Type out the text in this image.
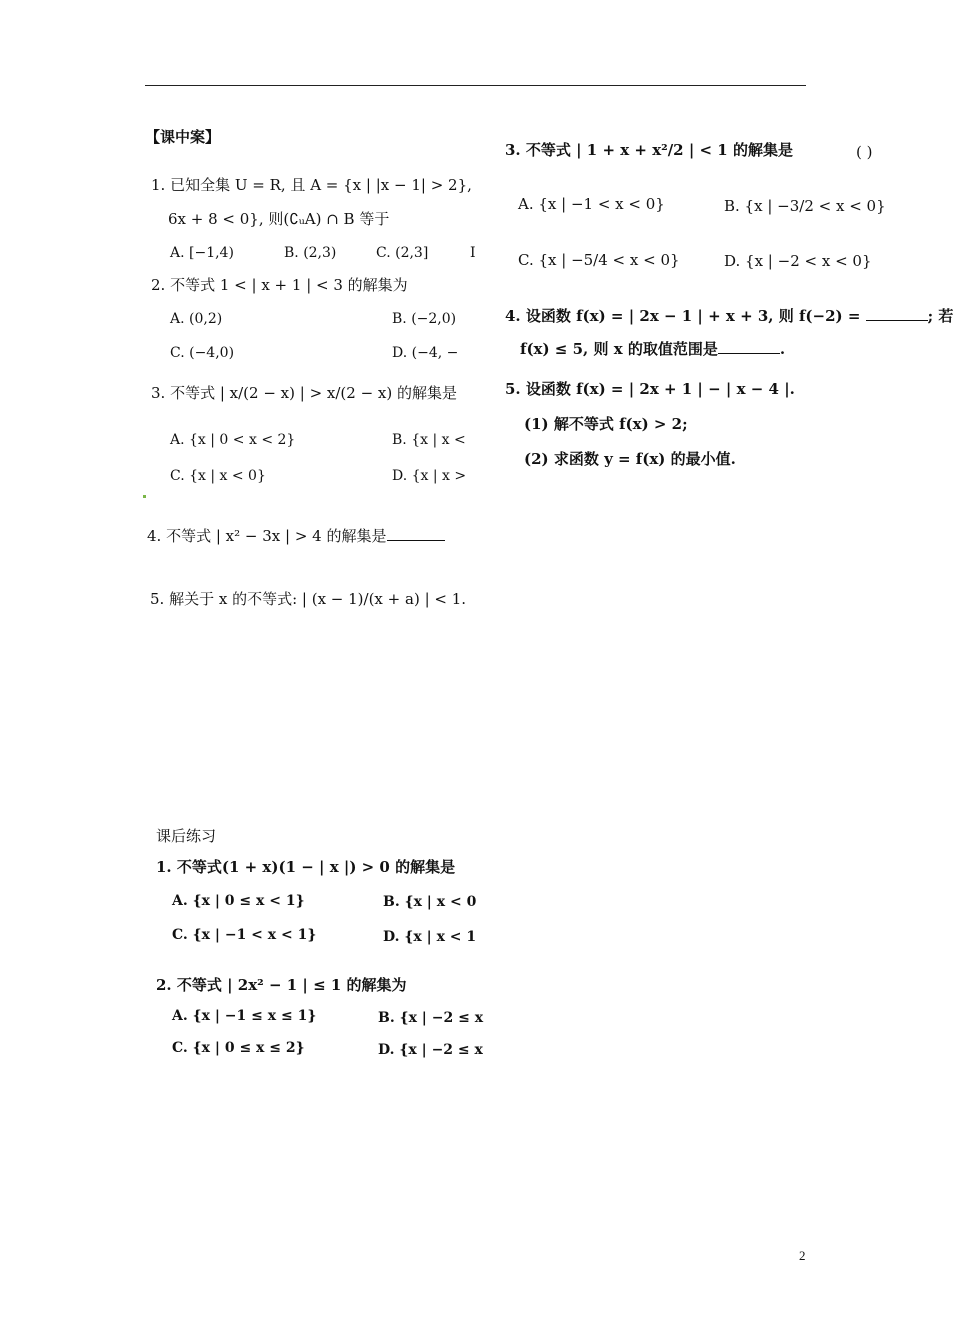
【课中案】
1. 已知全集 U = R, 且 A = {x | |x − 1| > 2},
6x + 8 < 0}, 则(∁ᵤA) ∩ B 等于
A. [−1,4)	B. (2,3)	C. (2,3]	I
2. 不等式 1 < | x + 1 | < 3 的解集为
A. (0,2)	B. (−2,0)
C. (−4,0)	D. (−4, −
3. 不等式 | x/(2 − x) | > x/(2 − x) 的解集是
A. {x | 0 < x < 2}	B. {x | x <
C. {x | x < 0}	D. {x | x >
4. 不等式 | x² − 3x | > 4 的解集是
5. 解关于 x 的不等式: | (x − 1)/(x + a) | < 1.
3. 不等式 | 1 + x + x²/2 | < 1 的解集是	( )
A. {x | −1 < x < 0}	B. {x | −3/2 < x < 0}
C. {x | −5/4 < x < 0}	D. {x | −2 < x < 0}
4. 设函数 f(x) = | 2x − 1 | + x + 3, 则 f(−2) =	; 若
f(x) ≤ 5, 则 x 的取值范围是	.
5. 设函数 f(x) = | 2x + 1 | − | x − 4 |.
(1) 解不等式 f(x) > 2;
(2) 求函数 y = f(x) 的最小值.
课后练习
1. 不等式(1 + x)(1 − | x |) > 0 的解集是
A. {x | 0 ≤ x < 1}	B. {x | x < 0
C. {x | −1 < x < 1}	D. {x | x < 1
2. 不等式 | 2x² − 1 | ≤ 1 的解集为
A. {x | −1 ≤ x ≤ 1}	B. {x | −2 ≤ x
C. {x | 0 ≤ x ≤ 2}	D. {x | −2 ≤ x
2
